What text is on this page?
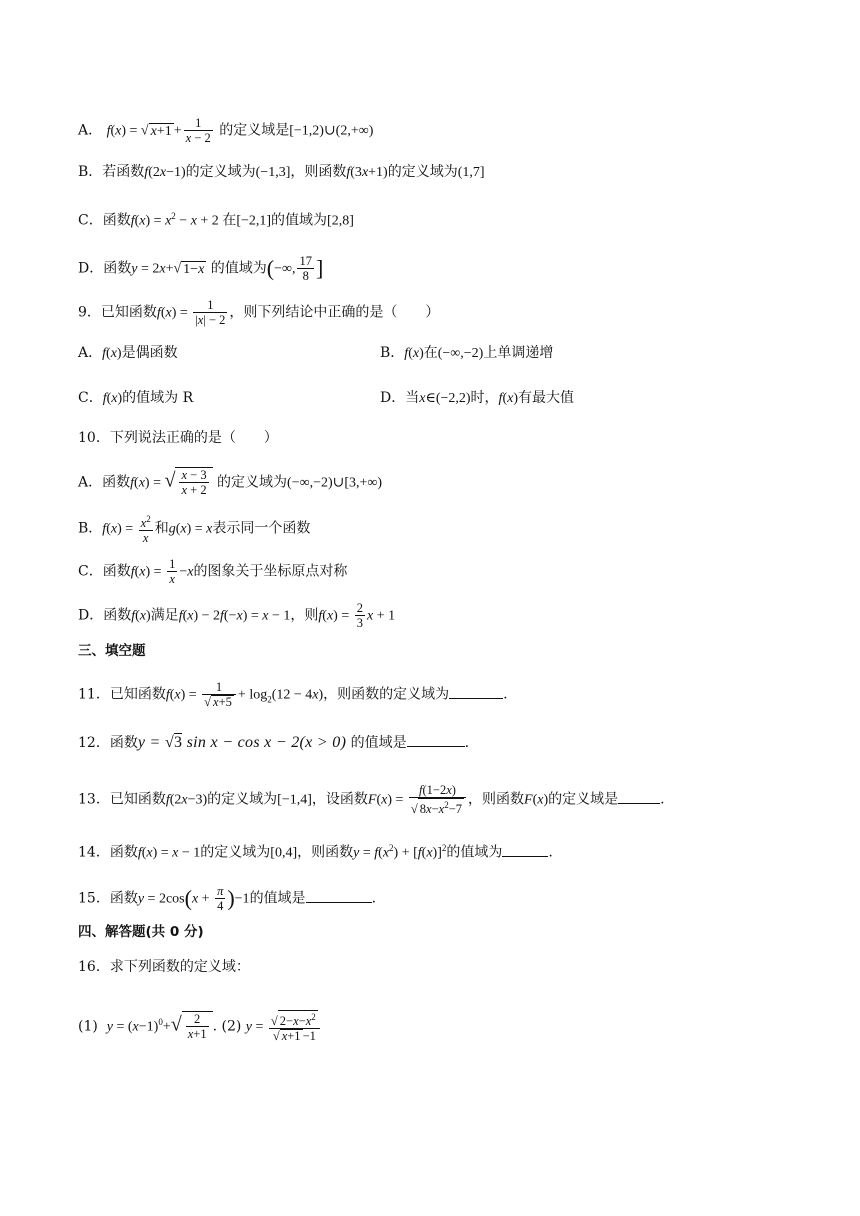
A． f(x) = √ $x+1 + \frac{1}{x - 2}$ 的定义域是[−1,2)∪(2,+∞)
B．若函数f(2x−1)的定义域为(−1,3]，则函数f(3x+1)的定义域为(1,7]
C．函数$f(x) = x^2 - x + 2$ 在[−2,1]的值域为[2,8]
D．函数y = 2x+√ 1−x 的值域为(−∞, $\frac{17}{8}$ ]
9．已知函数$f(x) = \frac{1}{|x| - 2}$ ，则下列结论中正确的是（　　）
A．f(x)是偶函数	B．f(x)在(−∞,−2)上单调递增
C．f(x)的值域为 R	D．当x∈(−2,2)时，f(x)有最大值
10．下列说法正确的是（　　）
A．函数f(x) = √ $\frac{x - 3}{x + 2}$ 的定义域为(−∞,−2)∪[3,+∞)
B．$f(x) = \frac{x^2}{x}$ 和g(x) = x表示同一个函数
C．函数$f(x) = \frac{1}{x} -x$的图象关于坐标原点对称
D．函数f(x)满足f(x) − 2f(−x) = x − 1，则$f(x) = \frac{2}{3}$ x + 1
三、填空题
11．已知函数$f(x) = \frac{1}{√ x+5} + \log_2(12 - 4x)$，则函数的定义域为	.
12．函数y = √3 sin x − cos x − 2(x > 0) 的值域是	.
13．已知函数f(2x−3)的定义域为[−1,4]，设函数$F(x) = \frac{f(1-2x)}{√ 8x-x^2-7}$ ，则函数F(x)的定义域是	.
14．函数f(x) = x − 1的定义域为[0,4]，则函数$y = f(x^2) + [f(x)]^2$的值域为	.
15．函数$y = 2\cos(x + \frac{\pi}{4} )-1$的值域是	.
四、解答题(共 0 分)
16．求下列函数的定义域：
(1) $y = (x-1)^0+√ \frac{2}{x+1}$ . (2) $y = \frac{√ 2-x-x^2}{√ x+1 -1}$
